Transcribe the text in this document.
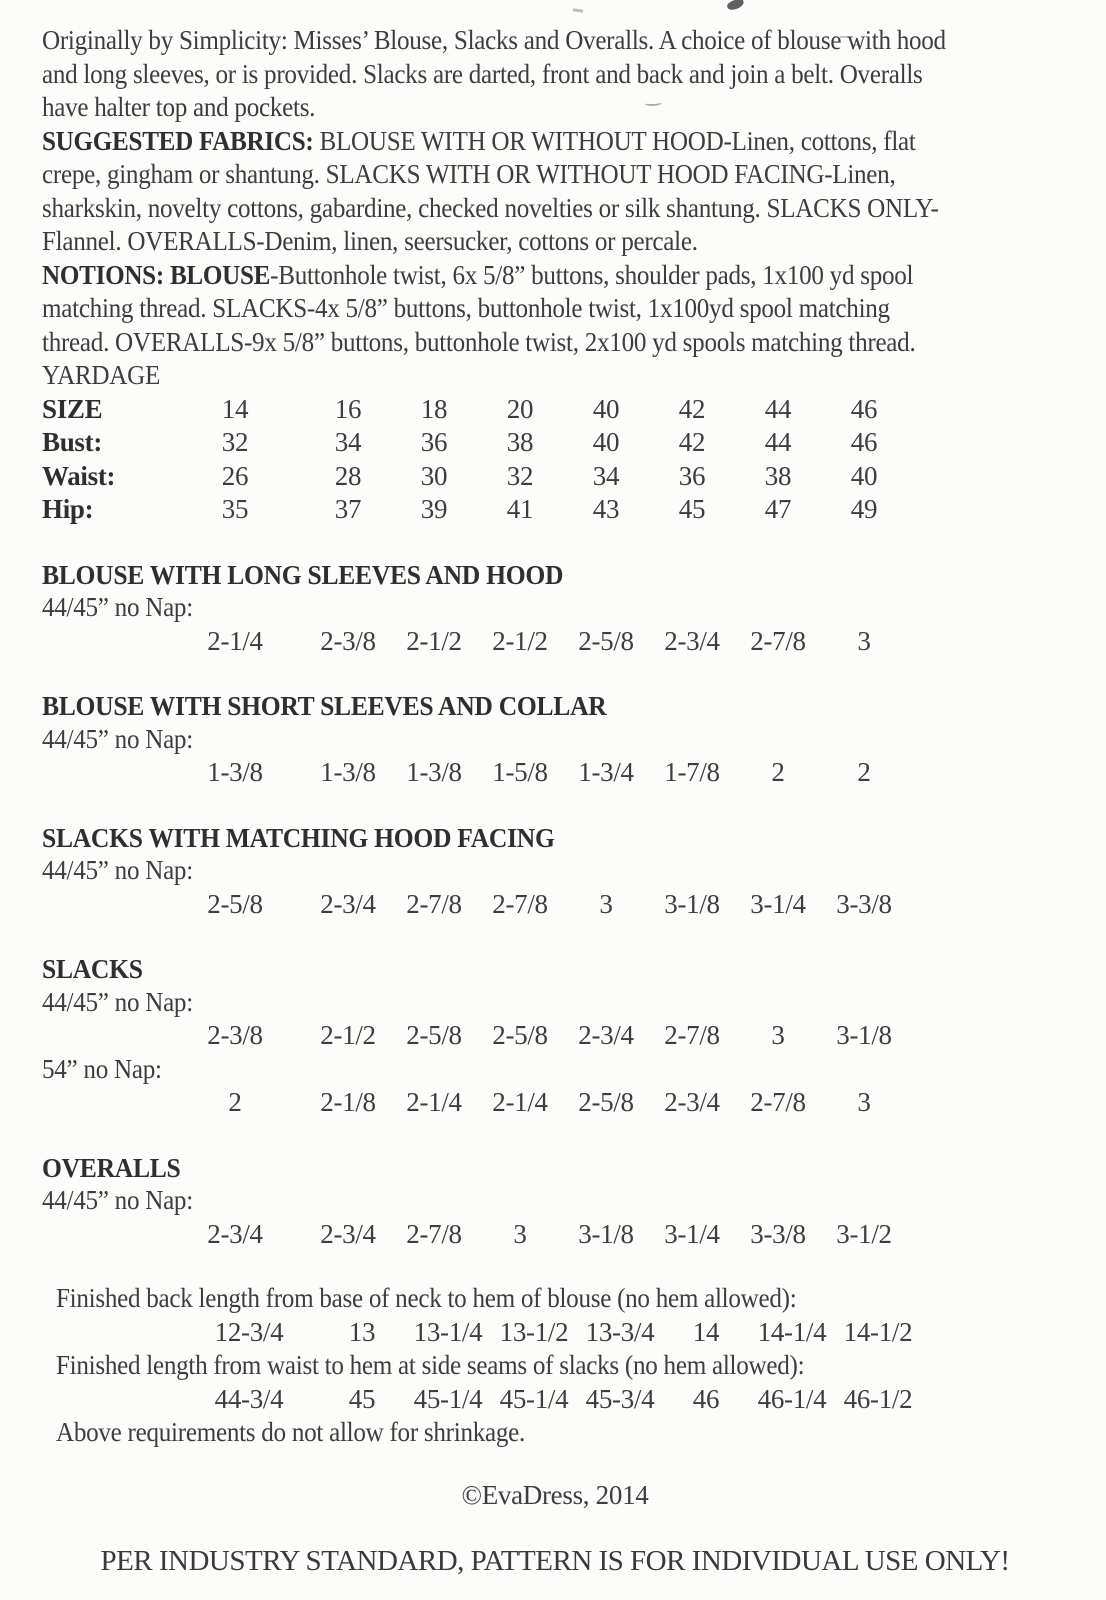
Originally by Simplicity: Misses’ Blouse, Slacks and Overalls. A choice of blouse with hood
and long sleeves, or is provided. Slacks are darted, front and back and join a belt. Overalls
have halter top and pockets.
SUGGESTED FABRICS: BLOUSE WITH OR WITHOUT HOOD-Linen, cottons, flat
crepe, gingham or shantung. SLACKS WITH OR WITHOUT HOOD FACING-Linen,
sharkskin, novelty cottons, gabardine, checked novelties or silk shantung. SLACKS ONLY-
Flannel. OVERALLS-Denim, linen, seersucker, cottons or percale.
NOTIONS: BLOUSE-Buttonhole twist, 6x 5/8” buttons, shoulder pads, 1x100 yd spool
matching thread. SLACKS-4x 5/8” buttons, buttonhole twist, 1x100yd spool matching
thread. OVERALLS-9x 5/8” buttons, buttonhole twist, 2x100 yd spools matching thread.
YARDAGE
SIZE	14	16	18	20	40	42	44	46
Bust:	32	34	36	38	40	42	44	46
Waist:	26	28	30	32	34	36	38	40
Hip:	35	37	39	41	43	45	47	49
BLOUSE WITH LONG SLEEVES AND HOOD
44/45” no Nap:
2-1/4	2-3/8	2-1/2	2-1/2	2-5/8	2-3/4	2-7/8	3
BLOUSE WITH SHORT SLEEVES AND COLLAR
44/45” no Nap:
1-3/8	1-3/8	1-3/8	1-5/8	1-3/4	1-7/8	2	2
SLACKS WITH MATCHING HOOD FACING
44/45” no Nap:
2-5/8	2-3/4	2-7/8	2-7/8	3	3-1/8	3-1/4	3-3/8
SLACKS
44/45” no Nap:
2-3/8	2-1/2	2-5/8	2-5/8	2-3/4	2-7/8	3	3-1/8
54” no Nap:
2	2-1/8	2-1/4	2-1/4	2-5/8	2-3/4	2-7/8	3
OVERALLS
44/45” no Nap:
2-3/4	2-3/4	2-7/8	3	3-1/8	3-1/4	3-3/8	3-1/2
Finished back length from base of neck to hem of blouse (no hem allowed):
12-3/4	13	13-1/4 13-1/2 13-3/4	14	14-1/4 14-1/2
Finished length from waist to hem at side seams of slacks (no hem allowed):
44-3/4	45	45-1/4 45-1/4 45-3/4	46	46-1/4 46-1/2
Above requirements do not allow for shrinkage.
©EvaDress, 2014
PER INDUSTRY STANDARD, PATTERN IS FOR INDIVIDUAL USE ONLY!
